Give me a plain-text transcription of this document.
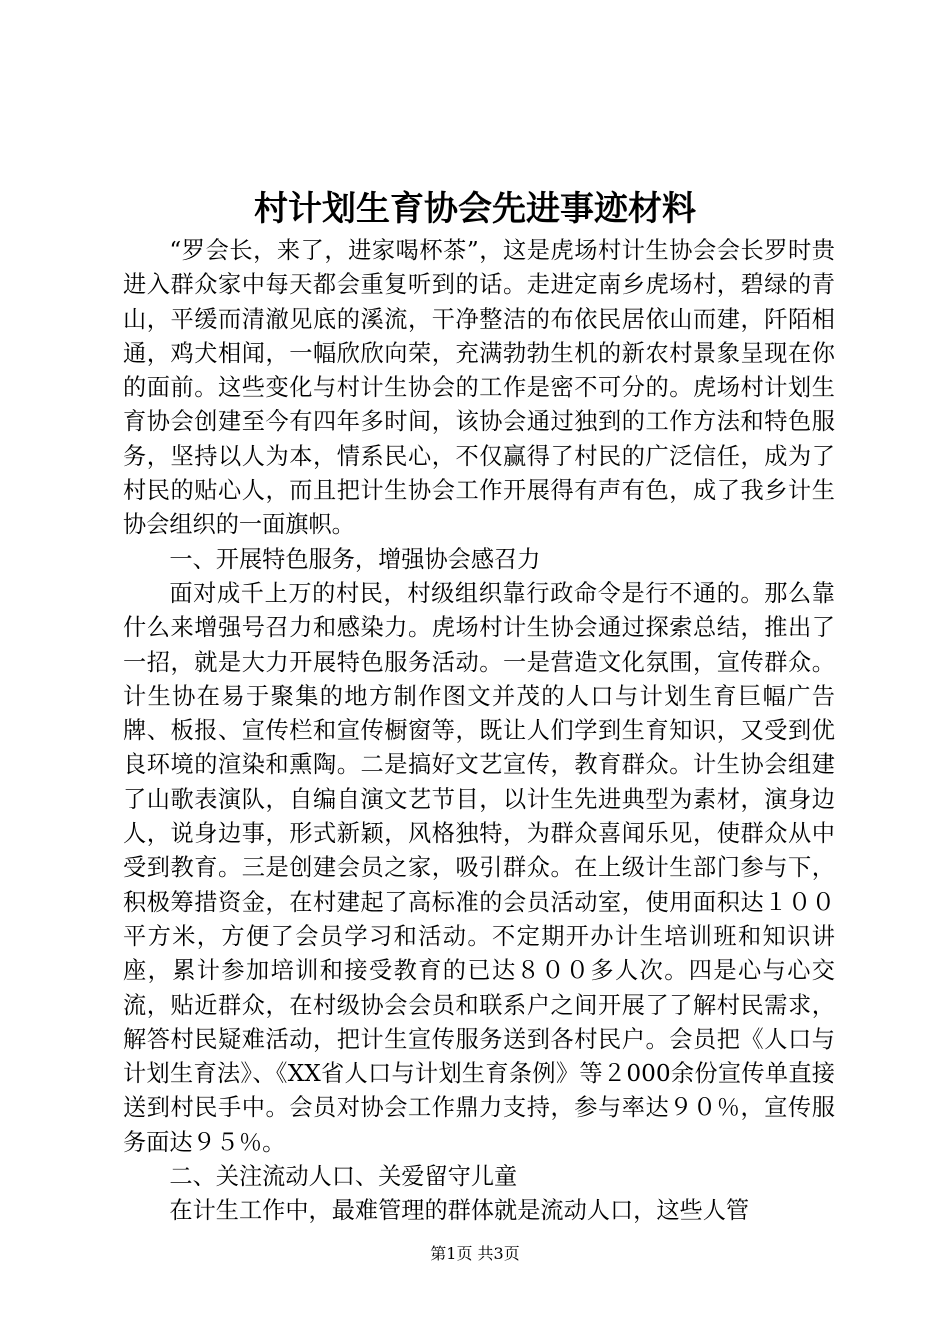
村计划生育协会先进事迹材料

“罗会长，来了，进家喝杯茶”，这是虎场村计生协会会长罗时贵进入群众家中每天都会重复听到的话。走进定南乡虎场村，碧绿的青山，平缓而清澈见底的溪流，干净整洁的布依民居依山而建，阡陌相通，鸡犬相闻，一幅欣欣向荣，充满勃勃生机的新农村景象呈现在你的面前。这些变化与村计生协会的工作是密不可分的。虎场村计划生育协会创建至今有四年多时间，该协会通过独到的工作方法和特色服务，坚持以人为本，情系民心，不仅赢得了村民的广泛信任，成为了村民的贴心人，而且把计生协会工作开展得有声有色，成了我乡计生协会组织的一面旗帜。

一、开展特色服务，增强协会感召力

面对成千上万的村民，村级组织靠行政命令是行不通的。那么靠什么来增强号召力和感染力。虎场村计生协会通过探索总结，推出了一招，就是大力开展特色服务活动。一是营造文化氛围，宣传群众。计生协在易于聚集的地方制作图文并茂的人口与计划生育巨幅广告牌、板报、宣传栏和宣传橱窗等，既让人们学到生育知识，又受到优良环境的渲染和熏陶。二是搞好文艺宣传，教育群众。计生协会组建了山歌表演队，自编自演文艺节目，以计生先进典型为素材，演身边人，说身边事，形式新颖，风格独特，为群众喜闻乐见，使群众从中受到教育。三是创建会员之家，吸引群众。在上级计生部门参与下，积极筹措资金，在村建起了高标准的会员活动室，使用面积达１００平方米，方便了会员学习和活动。不定期开办计生培训班和知识讲座，累计参加培训和接受教育的已达８００多人次。四是心与心交流，贴近群众，在村级协会会员和联系户之间开展了了解村民需求，解答村民疑难活动，把计生宣传服务送到各村民户。会员把《人口与计划生育法》、《XX省人口与计划生育条例》等２000余份宣传单直接送到村民手中。会员对协会工作鼎力支持，参与率达９０％，宣传服务面达９５％。

二、关注流动人口、关爱留守儿童

在计生工作中，最难管理的群体就是流动人口，这些人管

第1页 共3页
